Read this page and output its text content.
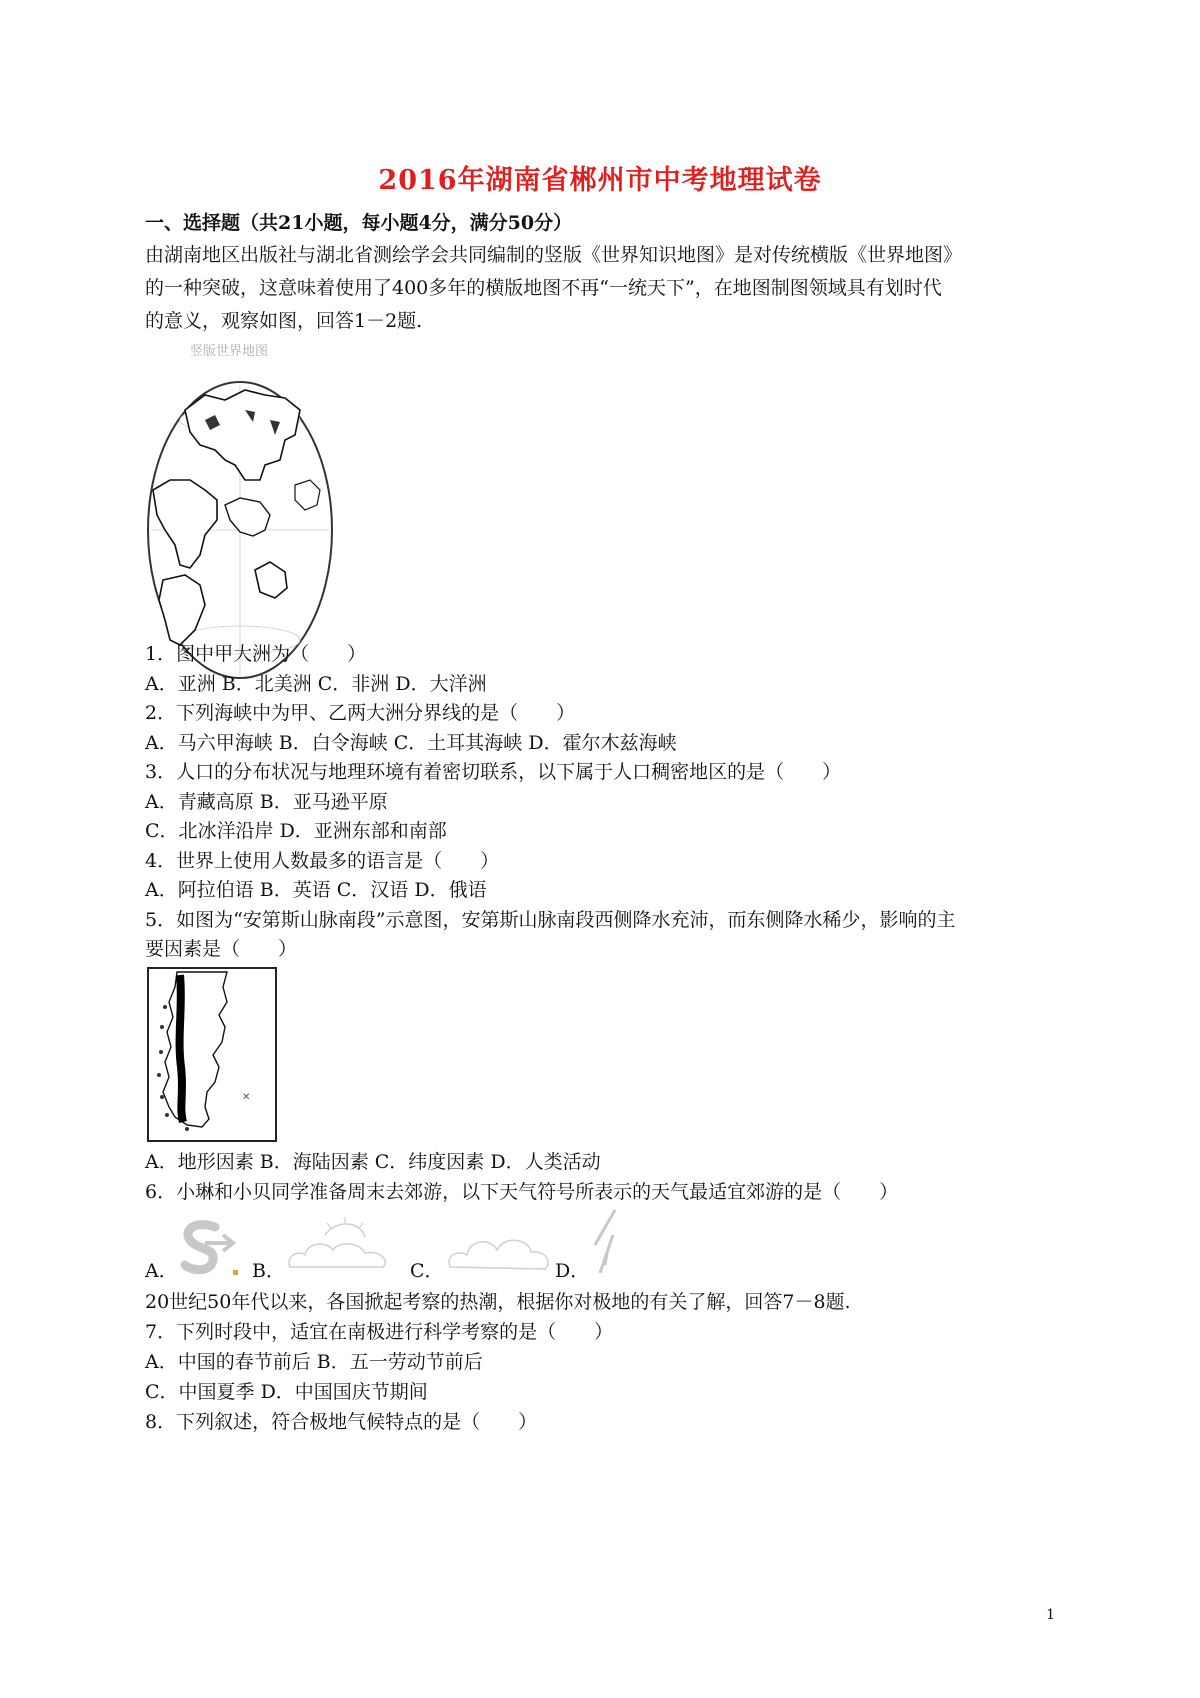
2016年湖南省郴州市中考地理试卷
一、选择题（共21小题，每小题4分，满分50分）
由湖南地区出版社与湖北省测绘学会共同编制的竖版《世界知识地图》是对传统横版《世界地图》
的一种突破，这意味着使用了400多年的横版地图不再“一统天下”，在地图制图领域具有划时代
的意义，观察如图，回答1－2题.
竖版世界地图
1．图中甲大洲为（　　）
A．亚洲 B．北美洲 C．非洲 D．大洋洲
2．下列海峡中为甲、乙两大洲分界线的是（　　）
A．马六甲海峡 B．白令海峡 C．土耳其海峡 D．霍尔木兹海峡
3．人口的分布状况与地理环境有着密切联系，以下属于人口稠密地区的是（　　）
A．青藏高原 B．亚马逊平原
C．北冰洋沿岸 D．亚洲东部和南部
4．世界上使用人数最多的语言是（　　）
A．阿拉伯语 B．英语 C．汉语 D．俄语
5．如图为“安第斯山脉南段”示意图，安第斯山脉南段西侧降水充沛，而东侧降水稀少，影响的主
要因素是（　　）
✕
A．地形因素 B．海陆因素 C．纬度因素 D．人类活动
6．小琳和小贝同学准备周末去郊游，以下天气符号所表示的天气最适宜郊游的是（　　）
A．	B．	C．	D．
20世纪50年代以来，各国掀起考察的热潮，根据你对极地的有关了解，回答7－8题.
7．下列时段中，适宜在南极进行科学考察的是（　　）
A．中国的春节前后 B．五一劳动节前后
C．中国夏季 D．中国国庆节期间
8．下列叙述，符合极地气候特点的是（　　）
1
